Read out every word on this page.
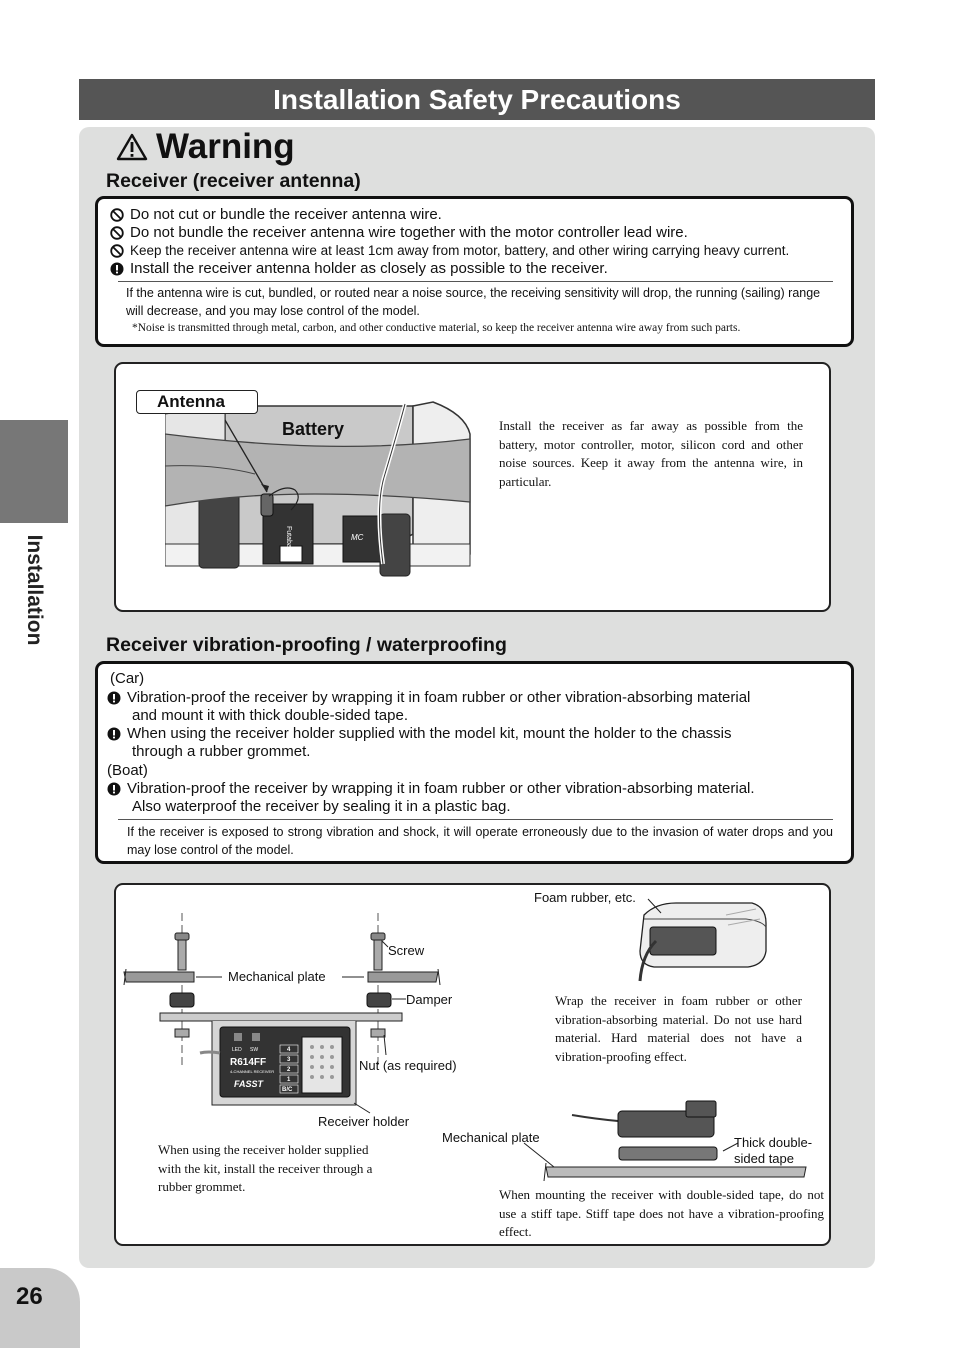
Installation
26
Installation Safety Precautions
Warning
Receiver (receiver antenna)
Do not cut or bundle the receiver antenna wire.
Do not bundle the receiver antenna wire together with the motor controller lead wire.
Keep the receiver antenna wire at least 1cm away from motor, battery, and other wiring carrying heavy current.
Install the receiver antenna holder as closely as possible to the receiver.
If the antenna wire is cut, bundled, or routed near a noise source, the receiving sensitivity will drop, the running (sailing) range will decrease, and you may lose control of the model.
*Noise is transmitted through metal, carbon, and other conductive material, so keep the receiver antenna wire away from such parts.
Futaba	MC
Antenna
Battery	Install the receiver as far away as possible from the battery, motor controller, motor, silicon cord and other noise sources. Keep it away from the antenna wire, in particular.
Receiver vibration-proofing / waterproofing
(Car)
Vibration-proof the receiver by wrapping it in foam rubber or other vibration-absorbing material
and mount it with thick double-sided tape.
When using the receiver holder supplied with the model kit, mount the holder to the chassis
through a rubber grommet.
(Boat)
Vibration-proof the receiver by wrapping it in foam rubber or other vibration-absorbing material.
Also waterproof the receiver by sealing it in a plastic bag.
If the receiver is exposed to strong vibration and shock, it will operate erroneously due to the invasion of water drops and you may lose control of the model.
LED SW
R614FF
4-CHANNEL RECEIVER
FASST
4
3
2
1
B/C
Screw
Mechanical plate
Damper
Nut (as required)
Receiver holder
When using the receiver holder supplied with the kit, install the receiver through a rubber grommet.
Foam rubber, etc.
Wrap the receiver in foam rubber or other vibration-absorbing material. Do not use hard material. Hard material does not have a vibration-proofing effect.
Mechanical plate	Thick double-
sided tape
When mounting the receiver with double-sided tape, do not use a stiff tape. Stiff tape does not have a vibration-proofing effect.
